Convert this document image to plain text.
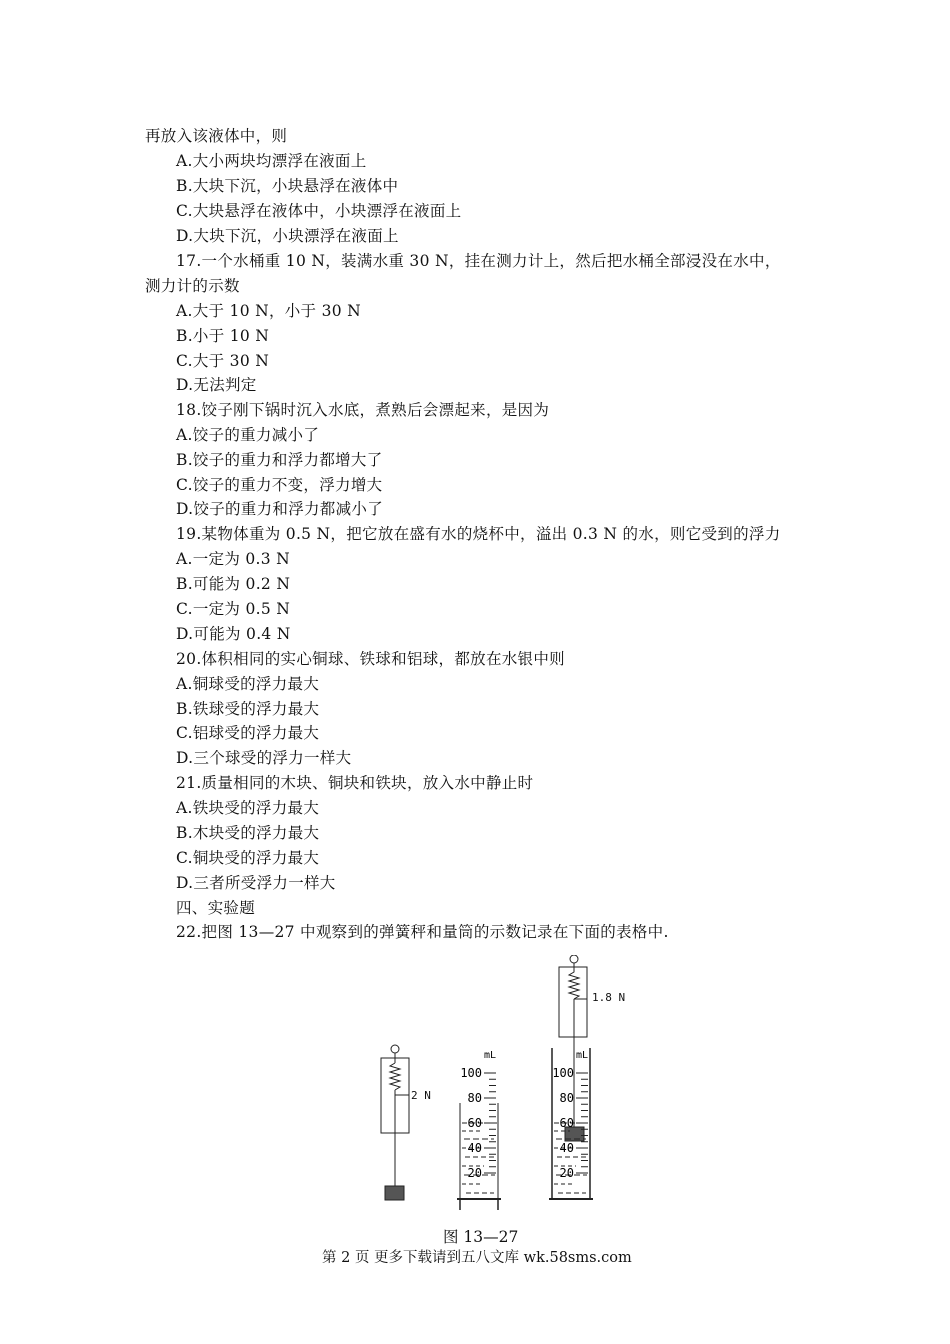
再放入该液体中，则
A.大小两块均漂浮在液面上
B.大块下沉，小块悬浮在液体中
C.大块悬浮在液体中，小块漂浮在液面上
D.大块下沉，小块漂浮在液面上
17.一个水桶重 10 N，装满水重 30 N，挂在测力计上，然后把水桶全部浸没在水中，
测力计的示数
A.大于 10 N，小于 30 N
B.小于 10 N
C.大于 30 N
D.无法判定
18.饺子刚下锅时沉入水底，煮熟后会漂起来，是因为
A.饺子的重力减小了
B.饺子的重力和浮力都增大了
C.饺子的重力不变，浮力增大
D.饺子的重力和浮力都减小了
19.某物体重为 0.5 N，把它放在盛有水的烧杯中，溢出 0.3 N 的水，则它受到的浮力
A.一定为 0.3 N
B.可能为 0.2 N
C.一定为 0.5 N
D.可能为 0.4 N
20.体积相同的实心铜球、铁球和铝球，都放在水银中则
A.铜球受的浮力最大
B.铁球受的浮力最大
C.铝球受的浮力最大
D.三个球受的浮力一样大
21.质量相同的木块、铜块和铁块，放入水中静止时
A.铁块受的浮力最大
B.木块受的浮力最大
C.铜块受的浮力最大
D.三者所受浮力一样大
四、实验题
22.把图 13—27 中观察到的弹簧秤和量筒的示数记录在下面的表格中.
2 N
1.8 N
mL
100
80
60
40
20
mL
100
80
60
40
20
图 13—27
第 2 页 更多下载请到五八文库 wk.58sms.com
